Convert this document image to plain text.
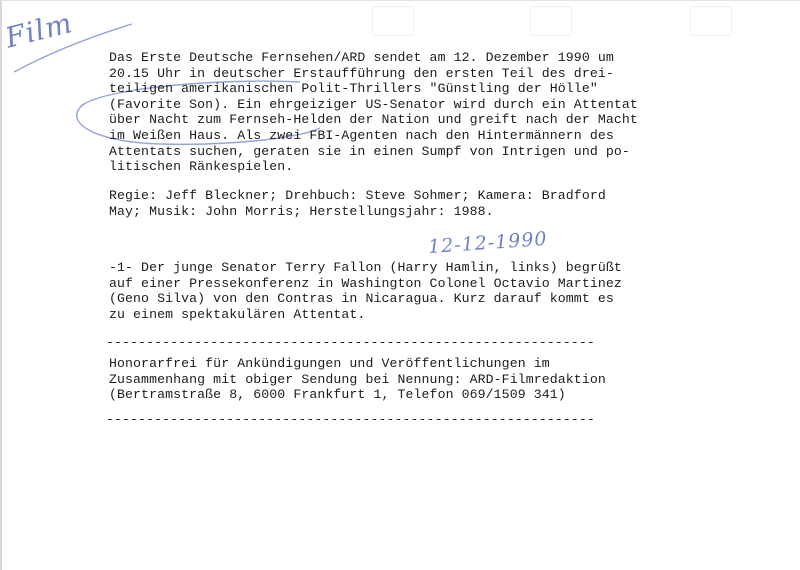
Film
Das Erste Deutsche Fernsehen/ARD sendet am 12. Dezember 1990 um
20.15 Uhr in deutscher Erstaufführung den ersten Teil des drei-
teiligen amerikanischen Polit-Thrillers "Günstling der Hölle"
(Favorite Son). Ein ehrgeiziger US-Senator wird durch ein Attentat
über Nacht zum Fernseh-Helden der Nation und greift nach der Macht
im Weißen Haus. Als zwei FBI-Agenten nach den Hintermännern des
Attentats suchen, geraten sie in einen Sumpf von Intrigen und po-
litischen Ränkespielen.
Regie: Jeff Bleckner; Drehbuch: Steve Sohmer; Kamera: Bradford
May; Musik: John Morris; Herstellungsjahr: 1988.
12-12-1990
-1- Der junge Senator Terry Fallon (Harry Hamlin, links) begrüßt
auf einer Pressekonferenz in Washington Colonel Octavio Martinez
(Geno Silva) von den Contras in Nicaragua. Kurz darauf kommt es
zu einem spektakulären Attentat.
-------------------------------------------------------------
Honorarfrei für Ankündigungen und Veröffentlichungen im
Zusammenhang mit obiger Sendung bei Nennung: ARD-Filmredaktion
(Bertramstraße 8, 6000 Frankfurt 1, Telefon 069/1509 341)
-------------------------------------------------------------
